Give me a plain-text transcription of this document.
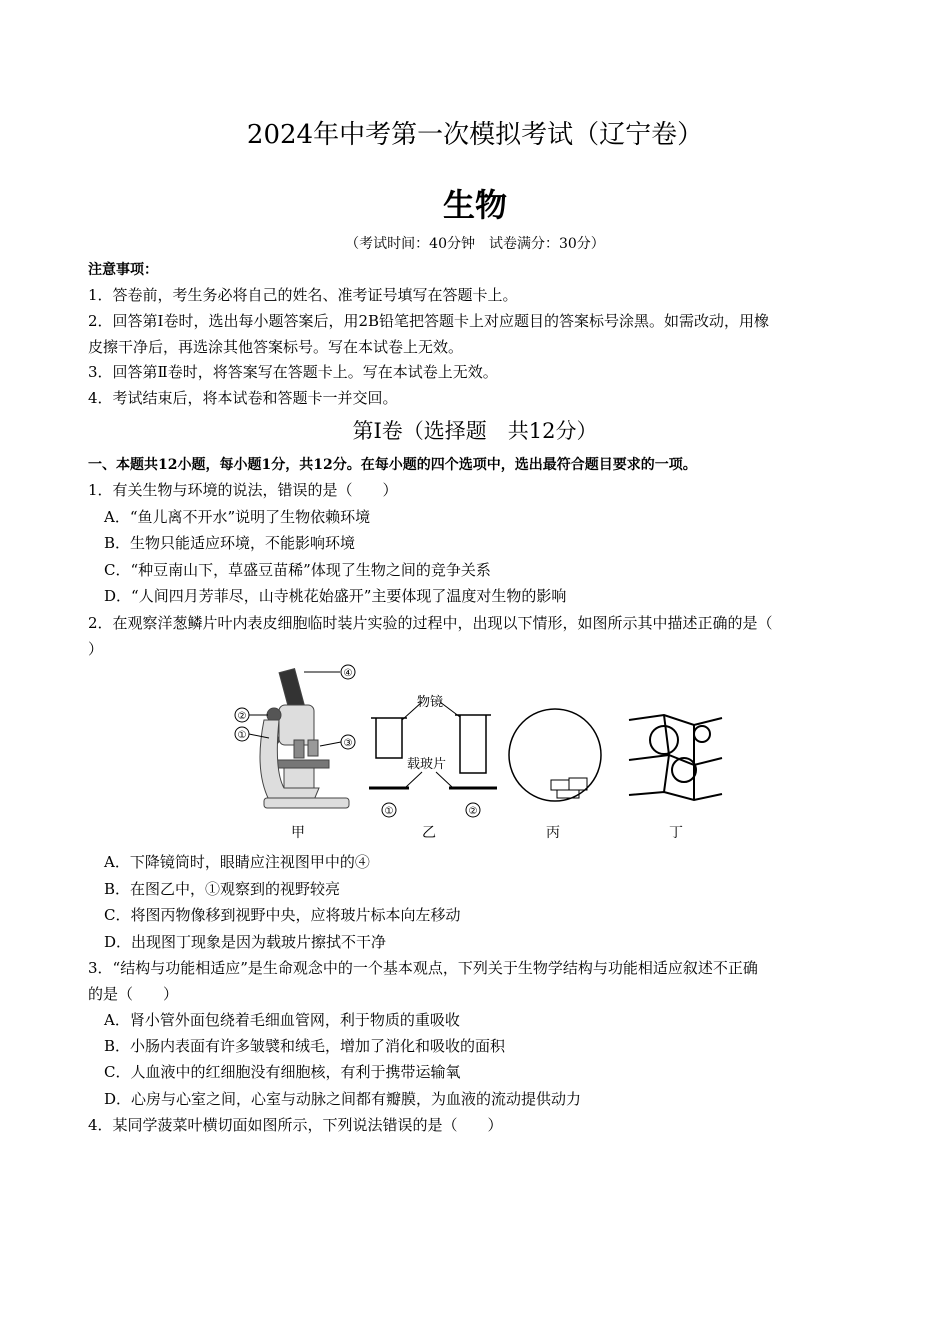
2024年中考第一次模拟考试（辽宁卷）
生物
（考试时间：40分钟　试卷满分：30分）
注意事项：
1．答卷前，考生务必将自己的姓名、准考证号填写在答题卡上。
2．回答第Ⅰ卷时，选出每小题答案后，用2B铅笔把答题卡上对应题目的答案标号涂黑。如需改动，用橡
皮擦干净后，再选涂其他答案标号。写在本试卷上无效。
3．回答第Ⅱ卷时，将答案写在答题卡上。写在本试卷上无效。
4．考试结束后，将本试卷和答题卡一并交回。
第Ⅰ卷（选择题　共12分）
一、本题共12小题，每小题1分，共12分。在每小题的四个选项中，选出最符合题目要求的一项。
1．有关生物与环境的说法，错误的是（　　）
A．“鱼儿离不开水”说明了生物依赖环境
B．生物只能适应环境，不能影响环境
C．“种豆南山下，草盛豆苗稀”体现了生物之间的竞争关系
D．“人间四月芳菲尽，山寺桃花始盛开”主要体现了温度对生物的影响
2．在观察洋葱鳞片叶内表皮细胞临时装片实验的过程中，出现以下情形，如图所示其中描述正确的是（
）
④
②
①
③
物镜
载玻片
①	②
甲	乙	丙	丁
A．下降镜筒时，眼睛应注视图甲中的④
B．在图乙中，①观察到的视野较亮
C．将图丙物像移到视野中央，应将玻片标本向左移动
D．出现图丁现象是因为载玻片擦拭不干净
3．“结构与功能相适应”是生命观念中的一个基本观点，下列关于生物学结构与功能相适应叙述不正确
的是（　　）
A．肾小管外面包绕着毛细血管网，利于物质的重吸收
B．小肠内表面有许多皱襞和绒毛，增加了消化和吸收的面积
C．人血液中的红细胞没有细胞核，有利于携带运输氧
D．心房与心室之间，心室与动脉之间都有瓣膜，为血液的流动提供动力
4．某同学菠菜叶横切面如图所示，下列说法错误的是（　　）
